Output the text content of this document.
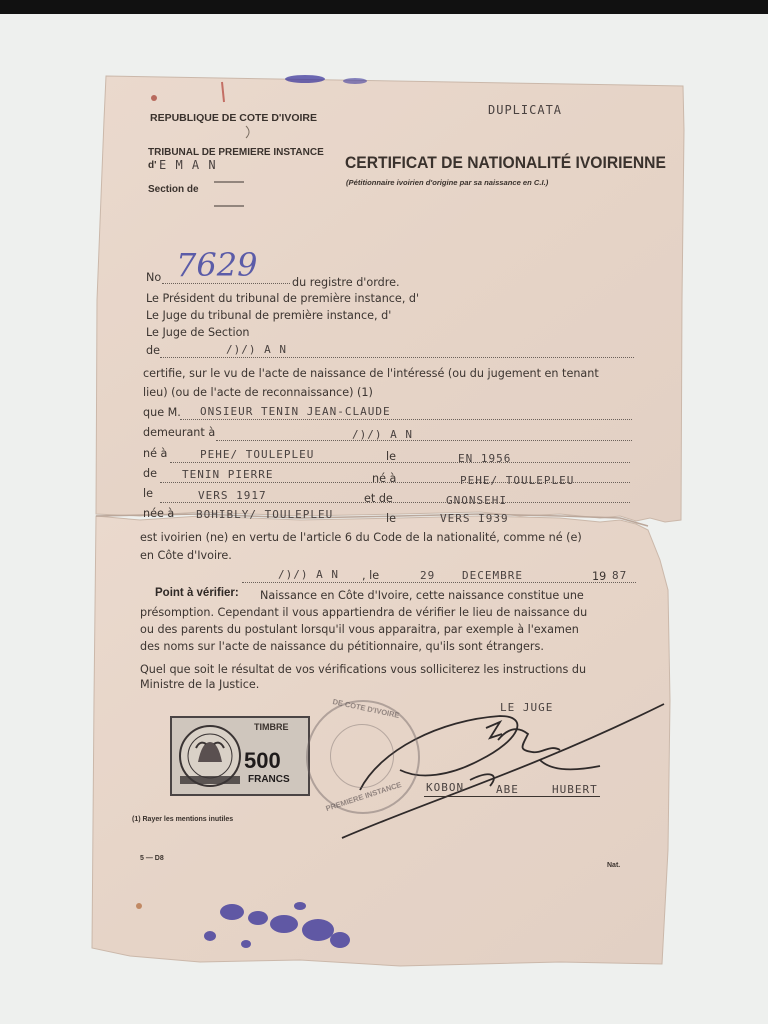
REPUBLIQUE DE COTE D'IVOIRE
DUPLICATA
TRIBUNAL DE PREMIERE INSTANCE
d' E M A N
Section de
CERTIFICAT DE NATIONALITÉ IVOIRIENNE
(Pétitionnaire ivoirien d'origine par sa naissance en C.I.)
No 7629	du registre d'ordre.
Le Président du tribunal de première instance, d'
Le Juge du tribunal de première instance, d'
Le Juge de Section
de	/)/) A N
certifie, sur le vu de l'acte de naissance de l'intéressé (ou du jugement en tenant
lieu) (ou de l'acte de reconnaissance) (1)
que M. ONSIEUR TENIN JEAN-CLAUDE
demeurant à	/)/) A N
né à	PEHE/ TOULEPLEU	le	EN 1956
de TENIN PIERRE	né à	PEHE/ TOULEPLEU
le	VERS 1917	et de	GNONSEHI
née à BOHIBLY/ TOULEPLEU	le	VERS I939
est ivoirien (ne) en vertu de l'article 6 du Code de la nationalité, comme né (e)
en Côte d'Ivoire.
/)/) A N , le	29 DECEMBRE	19 87
Point à vérifier: Naissance en Côte d'Ivoire, cette naissance constitue une
présomption. Cependant il vous appartiendra de vérifier le lieu de naissance du
ou des parents du postulant lorsqu'il vous apparaitra, par exemple à l'examen
des noms sur l'acte de naissance du pétitionnaire, qu'ils sont étrangers.
Quel que soit le résultat de vos vérifications vous solliciterez les instructions du
Ministre de la Justice.
TIMBRE
500
FRANCS
DE COTE D'IVOIRE
PREMIERE INSTANCE
LE JUGE
KOBON	ABE	HUBERT
(1) Rayer les mentions inutiles
5 — D8
Nat.
